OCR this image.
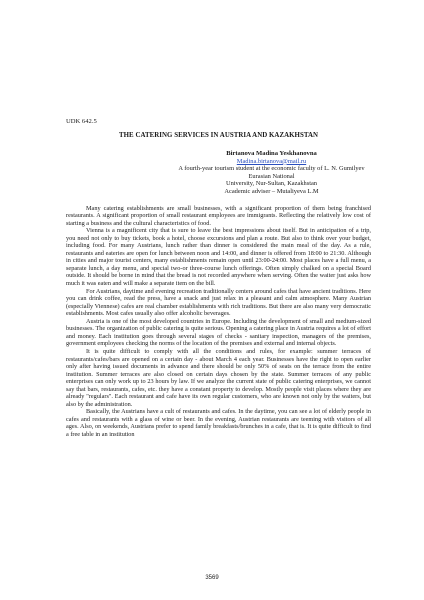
UDK 642.5
THE CATERING SERVICES IN AUSTRIA AND KAZAKHSTAN
Birtanova Madina Yeskhanovna
Madina.birtanova@mail.ru
A fourth-year tourism student at the economic faculty of L. N. Gumilyev Eurasian National
University, Nur-Sultan, Kazakhstan
Academic adviser – Mutaliyeva L.M

Many catering establishments are small businesses, with a significant proportion of them being franchised restaurants. A significant proportion of small restaurant employees are immigrants. Reflecting the relatively low cost of starting a business and the cultural characteristics of food.

Vienna is a magnificent city that is sure to leave the best impressions about itself. But in anticipation of a trip, you need not only to buy tickets, book a hotel, choose excursions and plan a route. But also to think over your budget, including food. For many Austrians, lunch rather than dinner is considered the main meal of the day. As a rule, restaurants and eateries are open for lunch between noon and 14:00, and dinner is offered from 18:00 to 21:30. Although in cities and major tourist centers, many establishments remain open until 23:00-24:00. Most places have a full menu, a separate lunch, a day menu, and special two-or three-course lunch offerings. Often simply chalked on a special Board outside. It should be borne in mind that the bread is not recorded anywhere when serving. Often the waiter just asks how much it was eaten and will make a separate item on the bill.

For Austrians, daytime and evening recreation traditionally centers around cafes that have ancient traditions. Here you can drink coffee, read the press, have a snack and just relax in a pleasant and calm atmosphere. Many Austrian (especially Viennese) cafes are real chamber establishments with rich traditions. But there are also many very democratic establishments. Most cafes usually also offer alcoholic beverages.

Austria is one of the most developed countries in Europe. Including the development of small and medium-sized businesses. The organization of public catering is quite serious. Opening a catering place in Austria requires a lot of effort and money. Each institution goes through several stages of checks - sanitary inspection, managers of the premises, government employees checking the norms of the location of the premises and external and internal objects.

It is quite difficult to comply with all the conditions and rules, for example: summer terraces of restaurants/cafes/bars are opened on a certain day - about March 4 each year. Businesses have the right to open earlier only after having issued documents in advance and there should be only 50% of seats on the terrace from the entire institution. Summer terraces are also closed on certain days chosen by the state. Summer terraces of any public enterprises can only work up to 23 hours by law. If we analyze the current state of public catering enterprises, we cannot say that bars, restaurants, cafes, etc. they have a constant property to develop. Mostly people visit places where they are already "regulars". Each restaurant and cafe have its own regular customers, who are known not only by the waiters, but also by the administration.

Basically, the Austrians have a cult of restaurants and cafes. In the daytime, you can see a lot of elderly people in cafes and restaurants with a glass of wine or beer. In the evening, Austrian restaurants are teeming with visitors of all ages. Also, on weekends, Austrians prefer to spend family breakfasts/brunches in a cafe, that is. It is quite difficult to find a free table in an institution

3569
